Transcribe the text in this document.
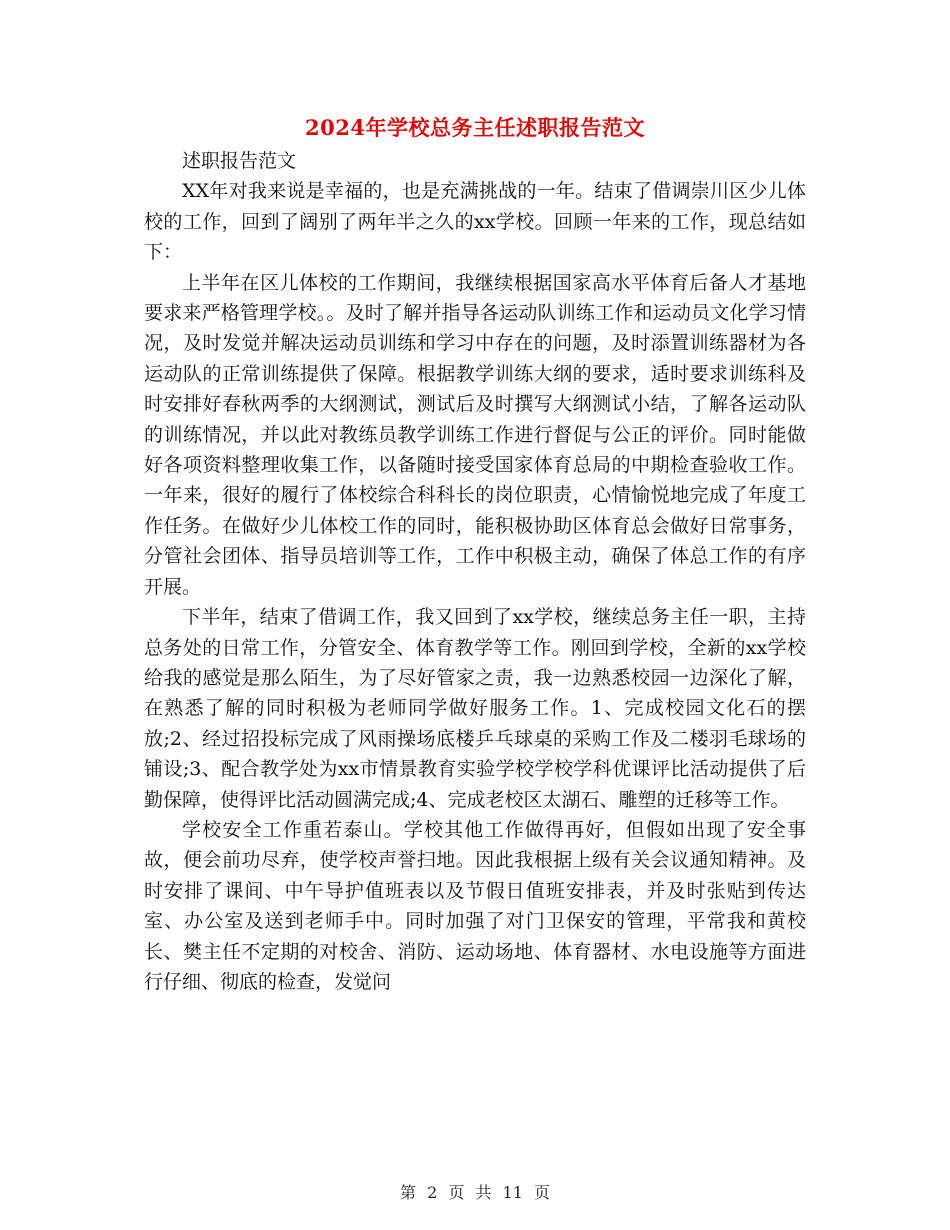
2024年学校总务主任述职报告范文

述职报告范文

XX年对我来说是幸福的，也是充满挑战的一年。结束了借调崇川区少儿体校的工作，回到了阔别了两年半之久的xx学校。回顾一年来的工作，现总结如下：

上半年在区儿体校的工作期间，我继续根据国家高水平体育后备人才基地要求来严格管理学校。。及时了解并指导各运动队训练工作和运动员文化学习情况，及时发觉并解决运动员训练和学习中存在的问题，及时添置训练器材为各运动队的正常训练提供了保障。根据教学训练大纲的要求，适时要求训练科及时安排好春秋两季的大纲测试，测试后及时撰写大纲测试小结，了解各运动队的训练情况，并以此对教练员教学训练工作进行督促与公正的评价。同时能做好各项资料整理收集工作，以备随时接受国家体育总局的中期检查验收工作。一年来，很好的履行了体校综合科科长的岗位职责，心情愉悦地完成了年度工作任务。在做好少儿体校工作的同时，能积极协助区体育总会做好日常事务，分管社会团体、指导员培训等工作，工作中积极主动，确保了体总工作的有序开展。

下半年，结束了借调工作，我又回到了xx学校，继续总务主任一职，主持总务处的日常工作，分管安全、体育教学等工作。刚回到学校，全新的xx学校给我的感觉是那么陌生，为了尽好管家之责，我一边熟悉校园一边深化了解，在熟悉了解的同时积极为老师同学做好服务工作。1、完成校园文化石的摆放;2、经过招投标完成了风雨操场底楼乒乓球桌的采购工作及二楼羽毛球场的铺设;3、配合教学处为xx市情景教育实验学校学校学科优课评比活动提供了后勤保障，使得评比活动圆满完成;4、完成老校区太湖石、雕塑的迁移等工作。

学校安全工作重若泰山。学校其他工作做得再好，但假如出现了安全事故，便会前功尽弃，使学校声誉扫地。因此我根据上级有关会议通知精神。及时安排了课间、中午导护值班表以及节假日值班安排表，并及时张贴到传达室、办公室及送到老师手中。同时加强了对门卫保安的管理，平常我和黄校长、樊主任不定期的对校舍、消防、运动场地、体育器材、水电设施等方面进行仔细、彻底的检查，发觉问

第 2 页 共 11 页
